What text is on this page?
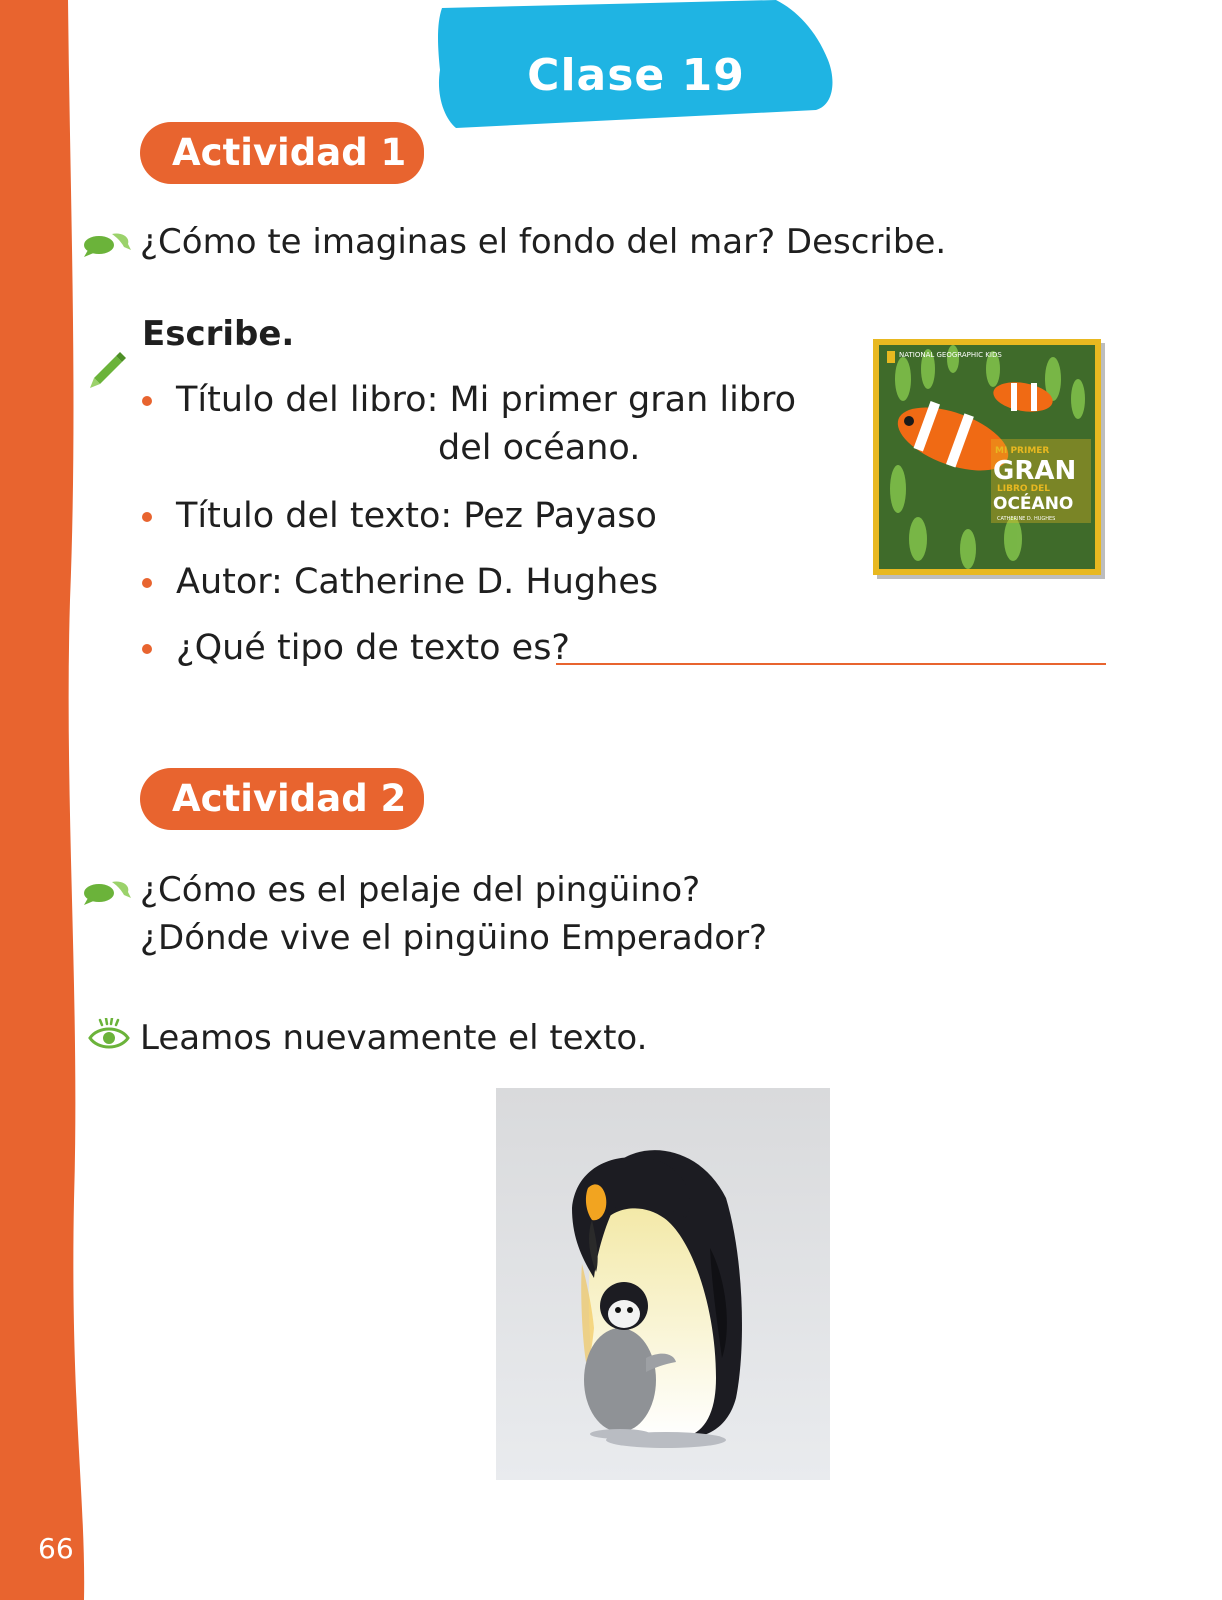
66
Clase 19
Actividad 1
¿Cómo te imaginas el fondo del mar? Describe.
Escribe.
Título del libro: Mi primer gran libro
del océano.
Título del texto: Pez Payaso
Autor: Catherine D. Hughes
¿Qué tipo de texto es?
NATIONAL GEOGRAPHIC KIDS
MI PRIMER
GRAN
LIBRO DEL
OCÉANO
CATHERINE D. HUGHES
Actividad 2
¿Cómo es el pelaje del pingüino?
¿Dónde vive el pingüino Emperador?
Leamos nuevamente el texto.
